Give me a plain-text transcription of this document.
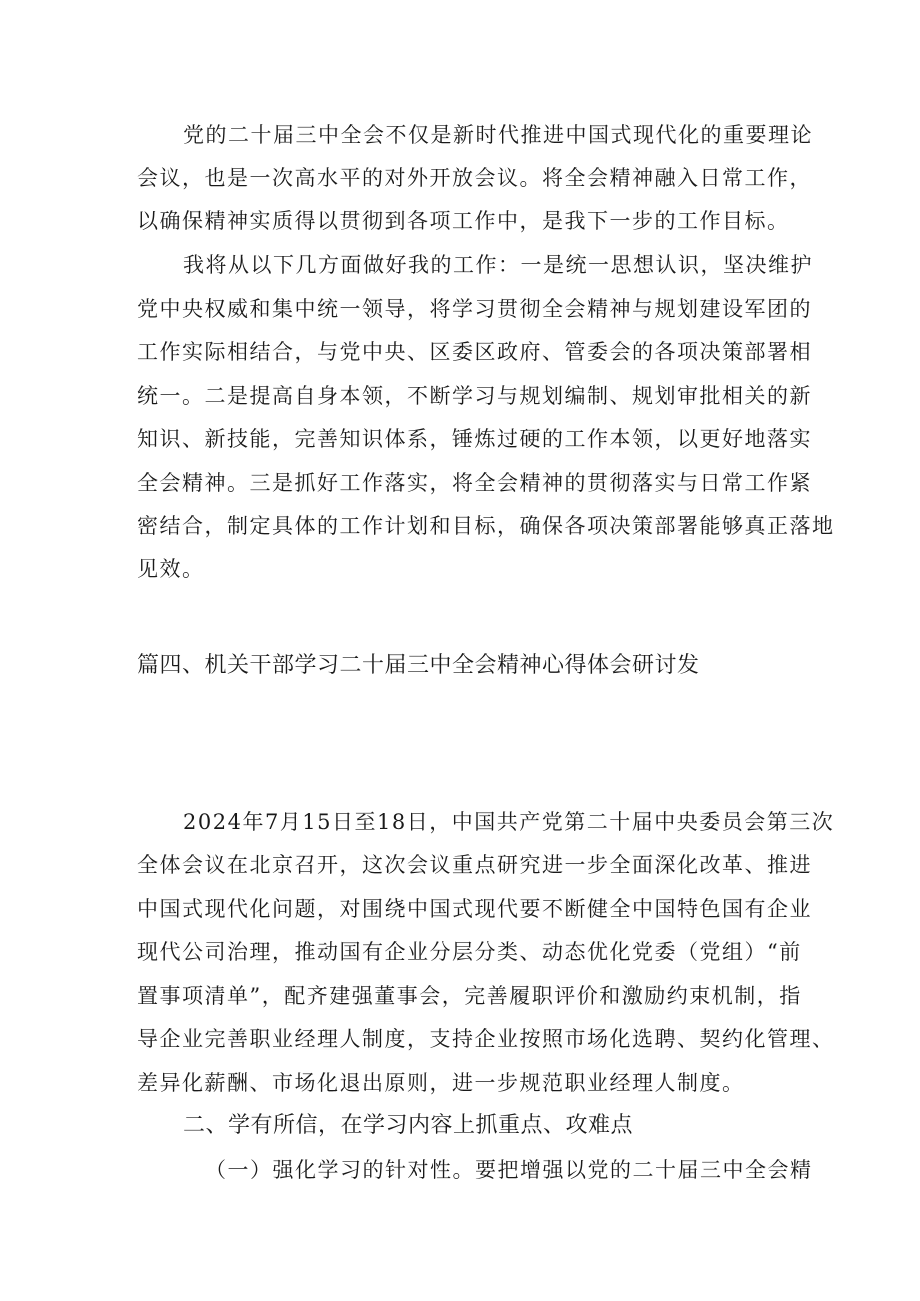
党的二十届三中全会不仅是新时代推进中国式现代化的重要理论
会议，也是一次高水平的对外开放会议。将全会精神融入日常工作，
以确保精神实质得以贯彻到各项工作中，是我下一步的工作目标。
我将从以下几方面做好我的工作：一是统一思想认识，坚决维护
党中央权威和集中统一领导，将学习贯彻全会精神与规划建设军团的
工作实际相结合，与党中央、区委区政府、管委会的各项决策部署相
统一。二是提高自身本领，不断学习与规划编制、规划审批相关的新
知识、新技能，完善知识体系，锤炼过硬的工作本领，以更好地落实
全会精神。三是抓好工作落实，将全会精神的贯彻落实与日常工作紧
密结合，制定具体的工作计划和目标，确保各项决策部署能够真正落地
见效。
篇四、机关干部学习二十届三中全会精神心得体会研讨发
2024年7月15日至18日，中国共产党第二十届中央委员会第三次
全体会议在北京召开，这次会议重点研究进一步全面深化改革、推进
中国式现代化问题，对围绕中国式现代要不断健全中国特色国有企业
现代公司治理，推动国有企业分层分类、动态优化党委（党组）“前
置事项清单”，配齐建强董事会，完善履职评价和激励约束机制，指
导企业完善职业经理人制度，支持企业按照市场化选聘、契约化管理、
差异化薪酬、市场化退出原则，进一步规范职业经理人制度。
二、学有所信，在学习内容上抓重点、攻难点
（一）强化学习的针对性。要把增强以党的二十届三中全会精
